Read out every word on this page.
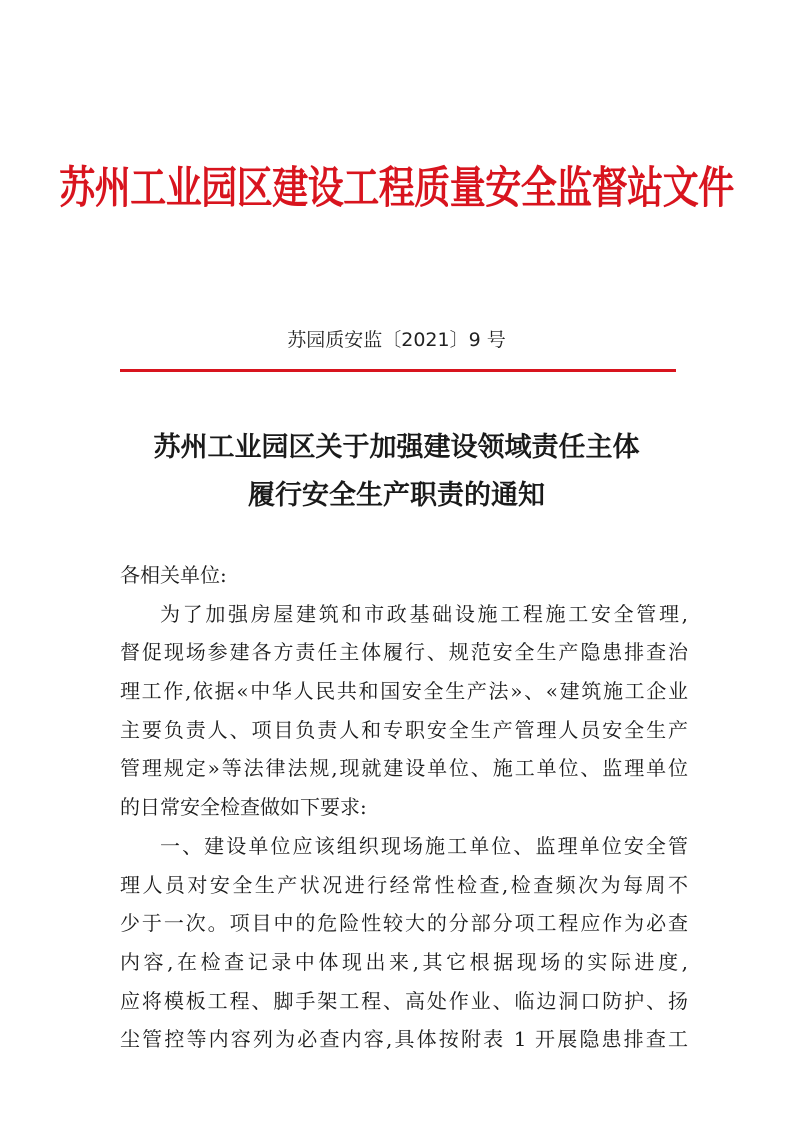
苏州工业园区建设工程质量安全监督站文件
苏园质安监〔2021〕9 号
苏州工业园区关于加强建设领域责任主体
履行安全生产职责的通知
各相关单位:
为了加强房屋建筑和市政基础设施工程施工安全管理,
督促现场参建各方责任主体履行、规范安全生产隐患排查治
理工作,依据«中华人民共和国安全生产法»、«建筑施工企业
主要负责人、项目负责人和专职安全生产管理人员安全生产
管理规定»等法律法规,现就建设单位、施工单位、监理单位
的日常安全检查做如下要求:
一、建设单位应该组织现场施工单位、监理单位安全管
理人员对安全生产状况进行经常性检查,检查频次为每周不
少于一次。项目中的危险性较大的分部分项工程应作为必查
内容,在检查记录中体现出来,其它根据现场的实际进度,
应将模板工程、脚手架工程、高处作业、临边洞口防护、扬
尘管控等内容列为必查内容,具体按附表 1 开展隐患排查工
